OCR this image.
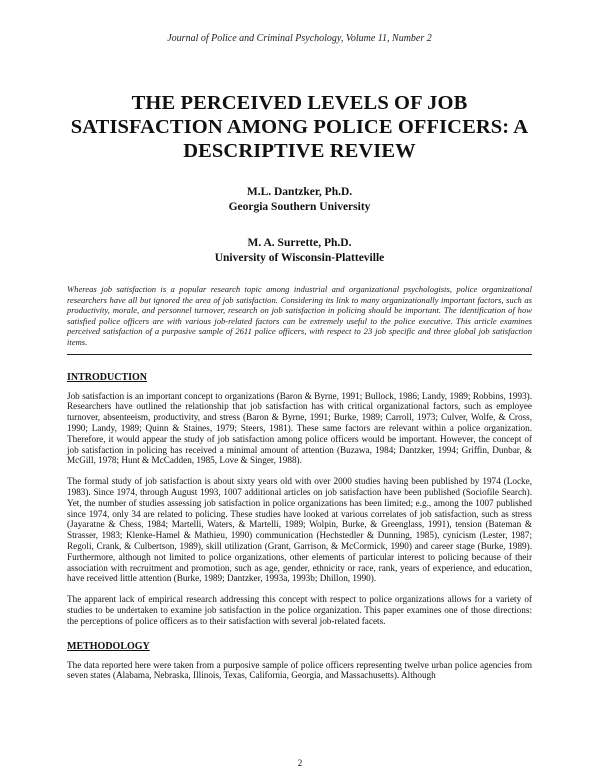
Journal of Police and Criminal Psychology, Volume 11, Number 2
THE PERCEIVED LEVELS OF JOB SATISFACTION AMONG POLICE OFFICERS: A DESCRIPTIVE REVIEW
M.L. Dantzker, Ph.D.
Georgia Southern University
M. A. Surrette, Ph.D.
University of Wisconsin-Platteville
Whereas job satisfaction is a popular research topic among industrial and organizational psychologists, police organizational researchers have all but ignored the area of job satisfaction. Considering its link to many organizationally important factors, such as productivity, morale, and personnel turnover, research on job satisfaction in policing should be important. The identification of how satisfied police officers are with various job-related factors can be extremely useful to the police executive. This article examines perceived satisfaction of a purposive sample of 2611 police officers, with respect to 23 job specific and three global job satisfaction items.
INTRODUCTION

Job satisfaction is an important concept to organizations (Baron & Byrne, 1991; Bullock, 1986; Landy, 1989; Robbins, 1993). Researchers have outlined the relationship that job satisfaction has with critical organizational factors, such as employee turnover, absenteeism, productivity, and stress (Baron & Byrne, 1991; Burke, 1989; Carroll, 1973; Culver, Wolfe, & Cross, 1990; Landy, 1989; Quinn & Staines, 1979; Steers, 1981). These same factors are relevant within a police organization. Therefore, it would appear the study of job satisfaction among police officers would be important. However, the concept of job satisfaction in policing has received a minimal amount of attention (Buzawa, 1984; Dantzker, 1994; Griffin, Dunbar, & McGill, 1978; Hunt & McCadden, 1985, Love & Singer, 1988).

The formal study of job satisfaction is about sixty years old with over 2000 studies having been published by 1974 (Locke, 1983). Since 1974, through August 1993, 1007 additional articles on job satisfaction have been published (Sociofile Search). Yet, the number of studies assessing job satisfaction in police organizations has been limited; e.g., among the 1007 published since 1974, only 34 are related to policing. These studies have looked at various correlates of job satisfaction, such as stress (Jayaratne & Chess, 1984; Martelli, Waters, & Martelli, 1989; Wolpin, Burke, & Greenglass, 1991), tension (Bateman & Strasser, 1983; Klenke-Hamel & Mathieu, 1990) communication (Hechstedler & Dunning, 1985), cynicism (Lester, 1987; Regoli, Crank, & Culbertson, 1989), skill utilization (Grant, Garrison, & McCormick, 1990) and career stage (Burke, 1989). Furthermore, although not limited to police organizations, other elements of particular interest to policing because of their association with recruitment and promotion, such as age, gender, ethnicity or race, rank, years of experience, and education, have received little attention (Burke, 1989; Dantzker, 1993a, 1993b; Dhillon, 1990).

The apparent lack of empirical research addressing this concept with respect to police organizations allows for a variety of studies to be undertaken to examine job satisfaction in the police organization. This paper examines one of those directions: the perceptions of police officers as to their satisfaction with several job-related facets.

METHODOLOGY

The data reported here were taken from a purposive sample of police officers representing twelve urban police agencies from seven states (Alabama, Nebraska, Illinois, Texas, California, Georgia, and Massachusetts). Although

2
